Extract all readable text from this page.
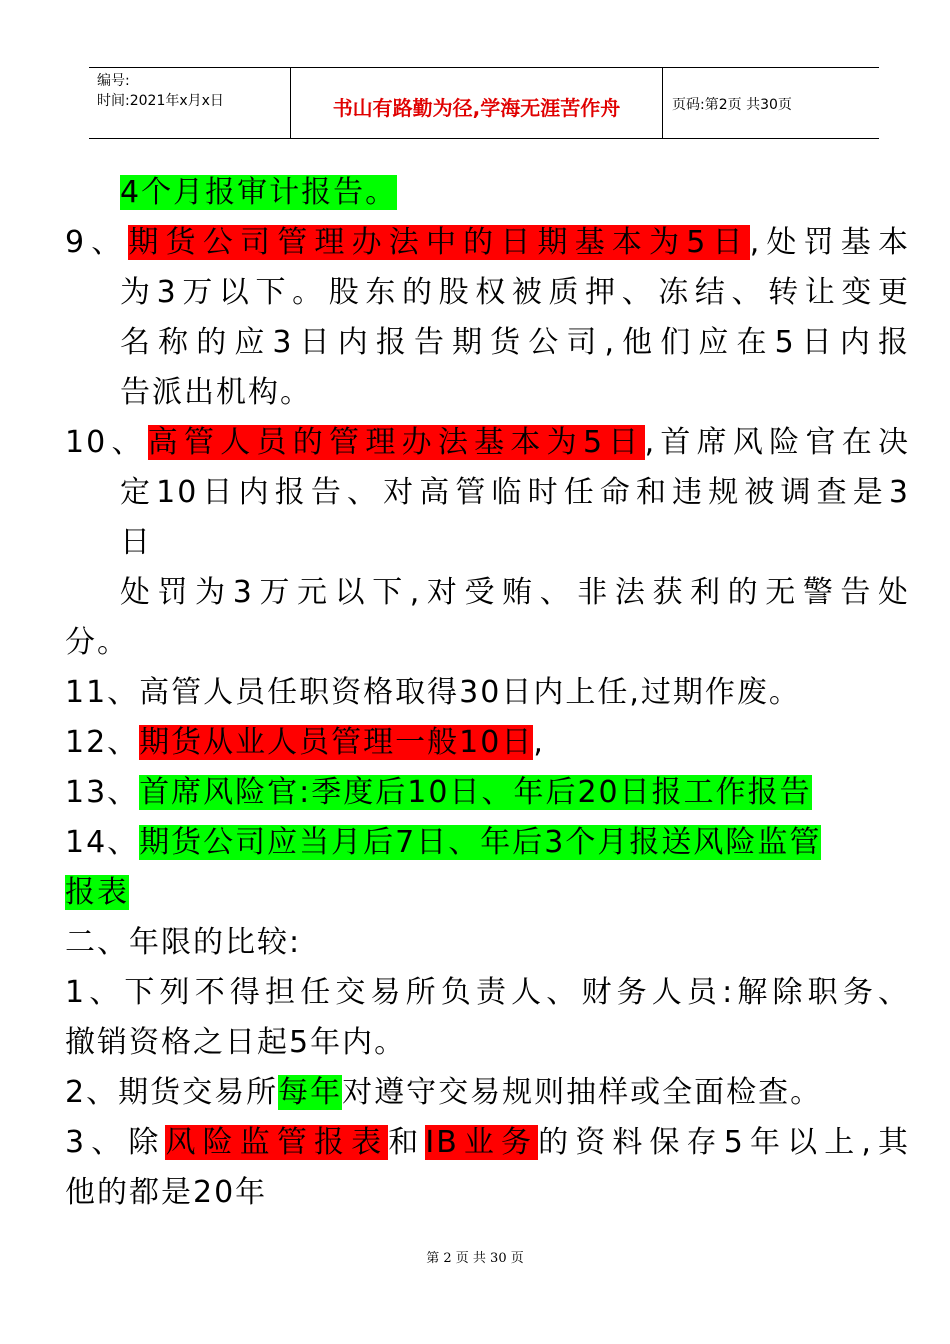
编号:
时间:2021年x月x日	书山有路勤为径,学海无涯苦作舟	页码:第2页 共30页
4个月报审计报告。
9、期货公司管理办法中的日期基本为5日,处罚基本
为3万以下。股东的股权被质押、冻结、转让变更
名称的应3日内报告期货公司,他们应在5日内报
告派出机构。
10、高管人员的管理办法基本为5日,首席风险官在决
定10日内报告、对高管临时任命和违规被调查是3
日
处罚为3万元以下,对受贿、非法获利的无警告处
分。
11、高管人员任职资格取得30日内上任,过期作废。
12、期货从业人员管理一般10日,
13、首席风险官:季度后10日、年后20日报工作报告
14、期货公司应当月后7日、年后3个月报送风险监管
报表
二、年限的比较:
1、下列不得担任交易所负责人、财务人员:解除职务、
撤销资格之日起5年内。
2、期货交易所每年对遵守交易规则抽样或全面检查。
3、除风险监管报表和IB业务的资料保存5年以上,其
他的都是20年
第 2 页 共 30 页
